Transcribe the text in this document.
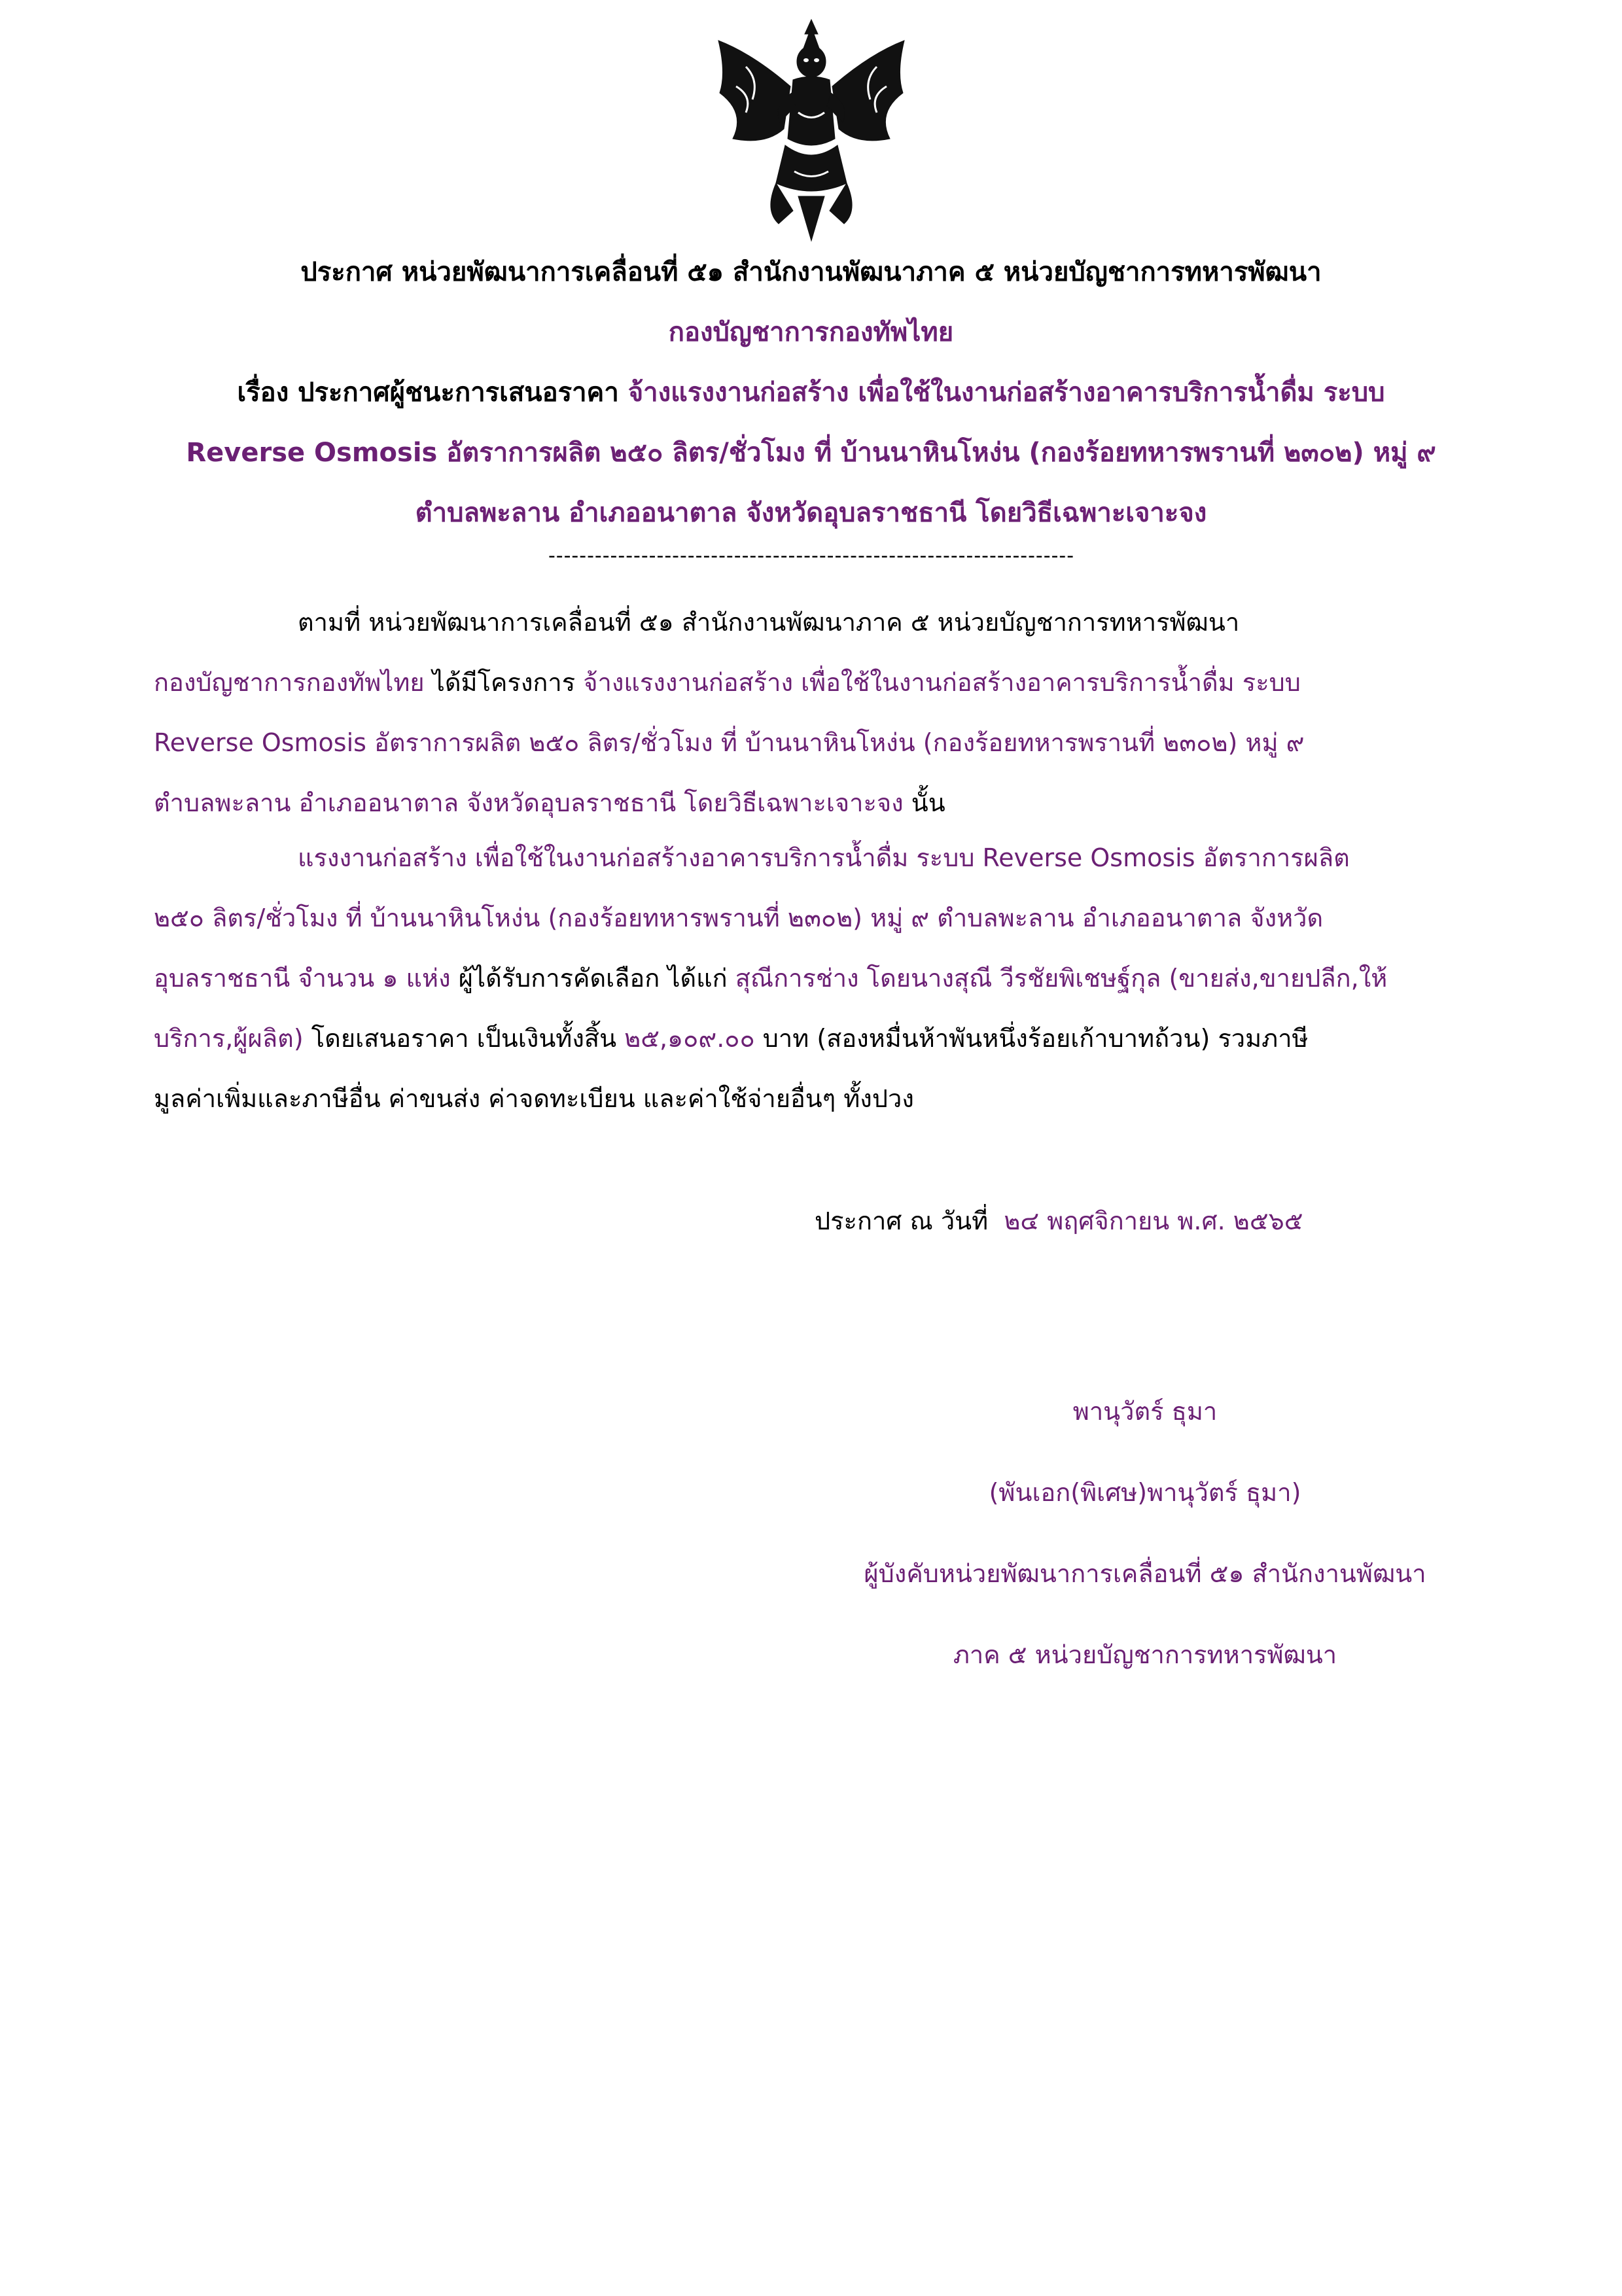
ประกาศ หน่วยพัฒนาการเคลื่อนที่ ๕๑ สำนักงานพัฒนาภาค ๕ หน่วยบัญชาการทหารพัฒนา
กองบัญชาการกองทัพไทย
เรื่อง ประกาศผู้ชนะการเสนอราคา จ้างแรงงานก่อสร้าง เพื่อใช้ในงานก่อสร้างอาคารบริการน้ำดื่ม ระบบ
Reverse Osmosis อัตราการผลิต ๒๕๐ ลิตร/ชั่วโมง ที่ บ้านนาหินโหง่น (กองร้อยทหารพรานที่ ๒๓๐๒) หมู่ ๙
ตำบลพะลาน อำเภออนาตาล จังหวัดอุบลราชธานี โดยวิธีเฉพาะเจาะจง
--------------------------------------------------------------------
ตามที่ หน่วยพัฒนาการเคลื่อนที่ ๕๑ สำนักงานพัฒนาภาค ๕ หน่วยบัญชาการทหารพัฒนา
กองบัญชาการกองทัพไทย ได้มีโครงการ จ้างแรงงานก่อสร้าง เพื่อใช้ในงานก่อสร้างอาคารบริการน้ำดื่ม ระบบ
Reverse Osmosis อัตราการผลิต ๒๕๐ ลิตร/ชั่วโมง ที่ บ้านนาหินโหง่น (กองร้อยทหารพรานที่ ๒๓๐๒) หมู่ ๙
ตำบลพะลาน อำเภออนาตาล จังหวัดอุบลราชธานี โดยวิธีเฉพาะเจาะจง นั้น
แรงงานก่อสร้าง เพื่อใช้ในงานก่อสร้างอาคารบริการน้ำดื่ม ระบบ Reverse Osmosis อัตราการผลิต
๒๕๐ ลิตร/ชั่วโมง ที่ บ้านนาหินโหง่น (กองร้อยทหารพรานที่ ๒๓๐๒) หมู่ ๙ ตำบลพะลาน อำเภออนาตาล จังหวัด
อุบลราชธานี จำนวน ๑ แห่ง ผู้ได้รับการคัดเลือก ได้แก่ สุณีการช่าง โดยนางสุณี วีรชัยพิเชษฐ์กุล (ขายส่ง,ขายปลีก,ให้
บริการ,ผู้ผลิต) โดยเสนอราคา เป็นเงินทั้งสิ้น ๒๕,๑๐๙.๐๐ บาท (สองหมื่นห้าพันหนึ่งร้อยเก้าบาทถ้วน) รวมภาษี
มูลค่าเพิ่มและภาษีอื่น ค่าขนส่ง ค่าจดทะเบียน และค่าใช้จ่ายอื่นๆ ทั้งปวง
ประกาศ ณ วันที่ ๒๔ พฤศจิกายน พ.ศ. ๒๕๖๕
พานุวัตร์ ธุมา
(พันเอก(พิเศษ)พานุวัตร์ ธุมา)
ผู้บังคับหน่วยพัฒนาการเคลื่อนที่ ๕๑ สำนักงานพัฒนา
ภาค ๕ หน่วยบัญชาการทหารพัฒนา
